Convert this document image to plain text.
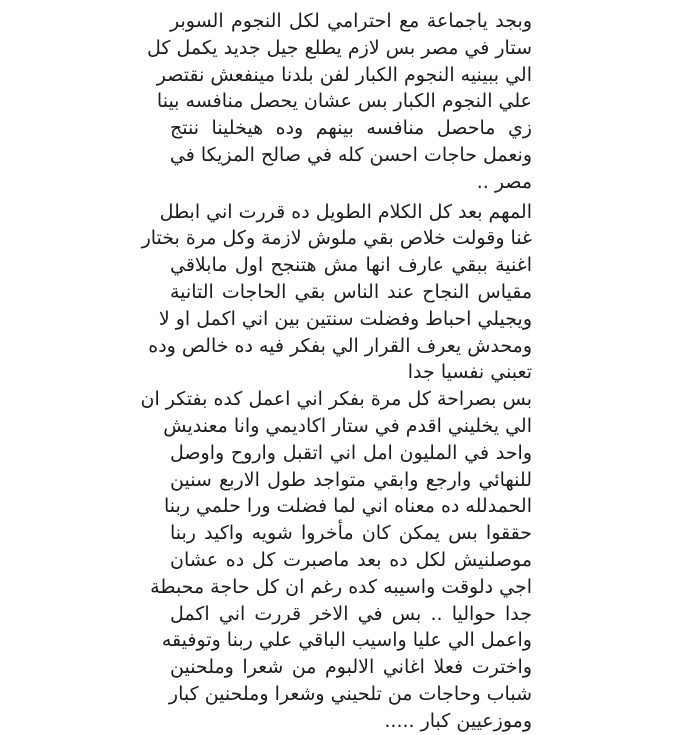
وبجد ياجماعة مع احترامي لكل النجوم السوبر
ستار في مصر بس لازم يطلع جيل جديد يكمل كل
الي ببينيه النجوم الكبار لفن بلدنا مينفعش نقتصر
علي النجوم الكبار بس عشان يحصل منافسه بينا
زي ماحصل منافسه بينهم وده هيخلينا ننتج
ونعمل حاجات احسن كله في صالح المزيكا في
مصر ..
المهم بعد كل الكلام الطويل ده قررت اني ابطل
غنا وقولت خلاص بقي ملوش لازمة وكل مرة بختار
اغنية ببقي عارف انها مش هتنجح اول مابلاقي
مقياس النجاح عند الناس بقي الحاجات التانية
ويجيلي احباط وفضلت سنتين بين اني اكمل او لا
ومحدش يعرف القرار الي بفكر فيه ده خالص وده
تعبني نفسيا جدا
بس بصراحة كل مرة بفكر اني اعمل كده بفتكر ان
الي يخليني اقدم في ستار اكاديمي وانا معنديش
واحد في المليون امل اني اتقبل واروح واوصل
للنهائي وارجع وابقي متواجد طول الاربع سنين
الحمدلله ده معناه اني لما فضلت ورا حلمي ربنا
حققوا بس يمكن كان مأخروا شويه واكيد ربنا
موصلنيش لكل ده بعد ماصبرت كل ده عشان
اجي دلوقت واسيبه كده رغم ان كل حاجة محبطة
جدا حواليا .. بس في الاخر قررت اني اكمل
واعمل الي عليا واسيب الباقي علي ربنا وتوفيقه
واخترت فعلا اغاني الالبوم من شعرا وملحنين
شباب وحاجات من تلحيني وشعرا وملحنين كبار
وموزعيين كبار .....
